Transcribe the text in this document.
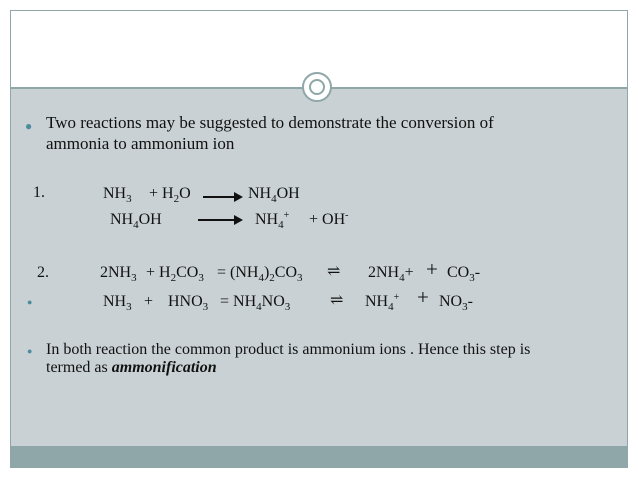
● Two reactions may be suggested to demonstrate the conversion of
ammonia to ammonium ion
1.	$NH_3 + H_2O$	$NH_4OH$
$NH_4OH$	$NH_4^+ + OH^-$
2.	$2NH_3 + H_2CO_3 = (NH_4)_2CO_3$ ⇌ $2NH_4+ + CO_3-$
●	$NH_3 + HNO_3 = NH_4NO_3$ ⇌ $NH_4^+ + NO_3-$
● In both reaction the common product is ammonium ions . Hence this step is
termed as ammonification
